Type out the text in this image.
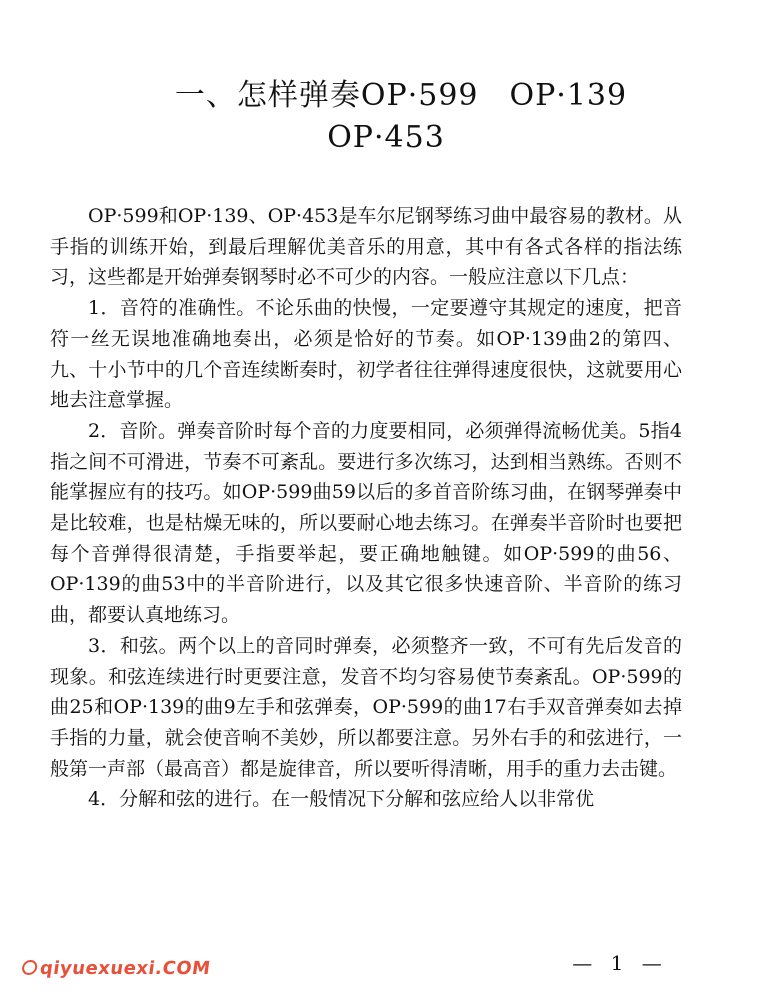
一、怎样弹奏OP·599　OP·139
OP·453

OP·599和OP·139、OP·453是车尔尼钢琴练习曲中最容易的教材。从手指的训练开始，到最后理解优美音乐的用意，其中有各式各样的指法练习，这些都是开始弹奏钢琴时必不可少的内容。一般应注意以下几点：

1．音符的准确性。不论乐曲的快慢，一定要遵守其规定的速度，把音符一丝无误地准确地奏出，必须是恰好的节奏。如OP·139曲2的第四、九、十小节中的几个音连续断奏时，初学者往往弹得速度很快，这就要用心地去注意掌握。

2．音阶。弹奏音阶时每个音的力度要相同，必须弹得流畅优美。5指4指之间不可滑进，节奏不可紊乱。要进行多次练习，达到相当熟练。否则不能掌握应有的技巧。如OP·599曲59以后的多首音阶练习曲，在钢琴弹奏中是比较难，也是枯燥无味的，所以要耐心地去练习。在弹奏半音阶时也要把每个音弹得很清楚，手指要举起，要正确地触键。如OP·599的曲56、OP·139的曲53中的半音阶进行，以及其它很多快速音阶、半音阶的练习曲，都要认真地练习。

3．和弦。两个以上的音同时弹奏，必须整齐一致，不可有先后发音的现象。和弦连续进行时更要注意，发音不均匀容易使节奏紊乱。OP·599的曲25和OP·139的曲9左手和弦弹奏，OP·599的曲17右手双音弹奏如去掉手指的力量，就会使音响不美妙，所以都要注意。另外右手的和弦进行，一般第一声部（最高音）都是旋律音，所以要听得清晰，用手的重力去击键。

4．分解和弦的进行。在一般情况下分解和弦应给人以非常优

qiyuexuexi.COM	— 1 —
